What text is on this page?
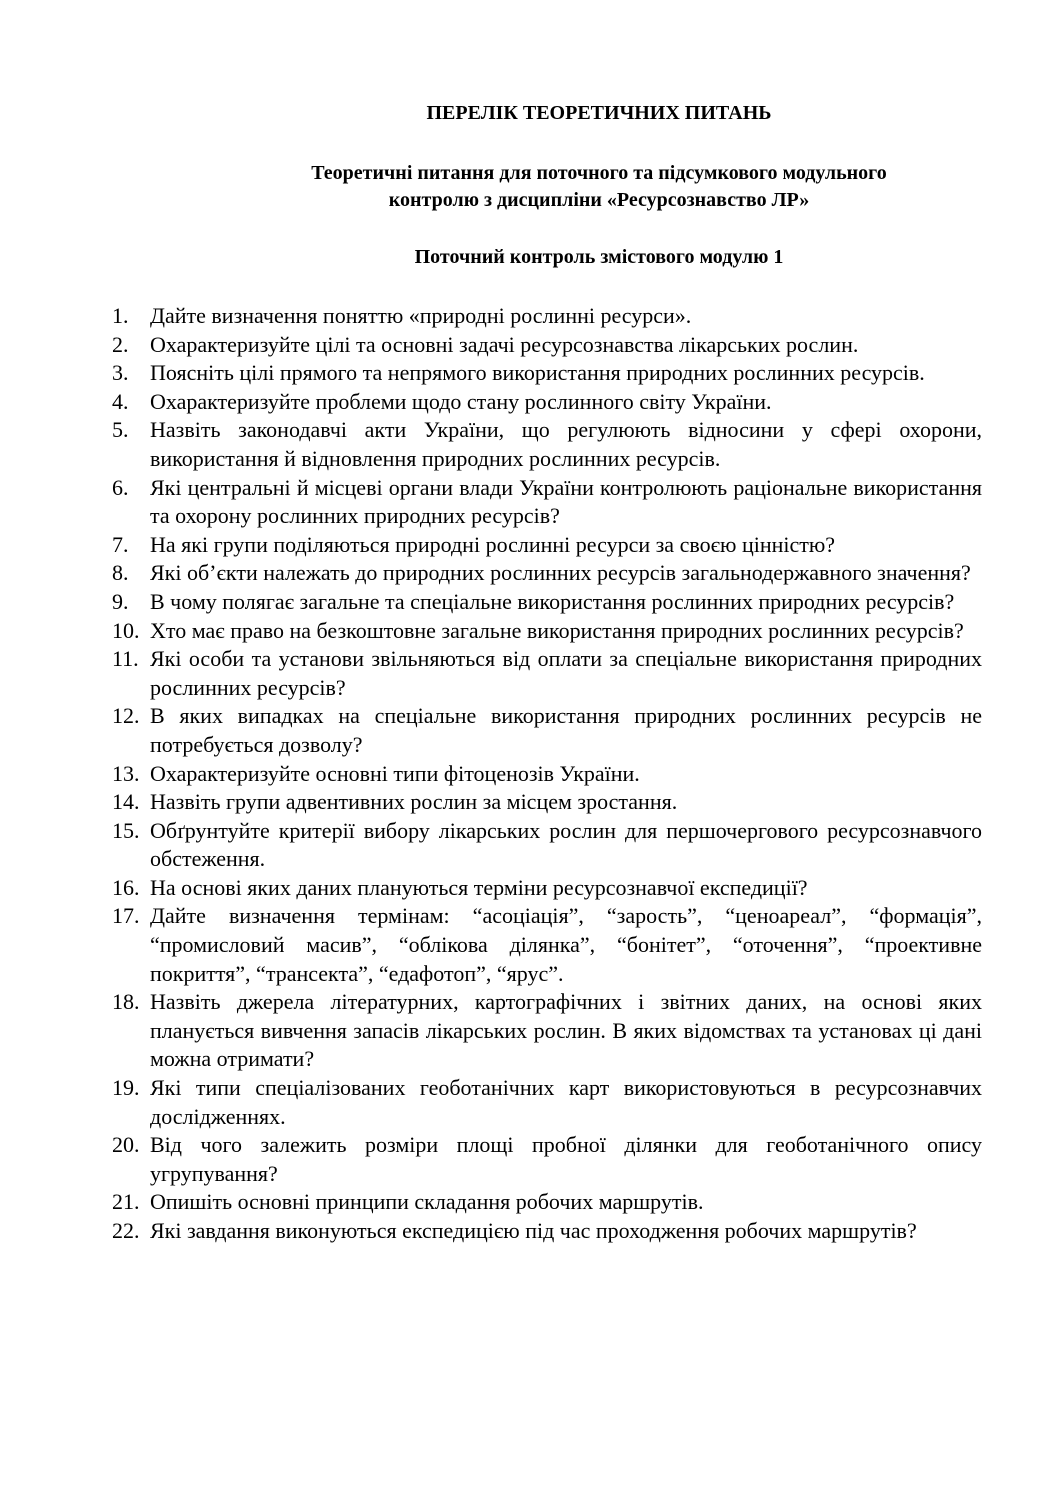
ПЕРЕЛІК ТЕОРЕТИЧНИХ ПИТАНЬ
Теоретичні питання для поточного та підсумкового модульного
контролю з дисципліни «Ресурсознавство ЛР»
Поточний контроль змістового модулю 1
1. Дайте визначення поняттю «природні рослинні ресурси».
2. Охарактеризуйте цілі та основні задачі ресурсознавства лікарських рослин.
3. Поясніть цілі прямого та непрямого використання природних рослинних ресурсів.
4. Охарактеризуйте проблеми щодо стану рослинного світу України.
5. Назвіть законодавчі акти України, що регулюють відносини у сфері охорони, використання й відновлення природних рослинних ресурсів.
6. Які центральні й місцеві органи влади України контролюють раціональне використання та охорону рослинних природних ресурсів?
7. На які групи поділяються природні рослинні ресурси за своєю цінністю?
8. Які об’єкти належать до природних рослинних ресурсів загальнодержавного значення?
9. В чому полягає загальне та спеціальне використання рослинних природних ресурсів?
10. Хто має право на безкоштовне загальне використання природних рослинних ресурсів?
11. Які особи та установи звільняються від оплати за спеціальне використання природних рослинних ресурсів?
12. В яких випадках на спеціальне використання природних рослинних ресурсів не потребується дозволу?
13. Охарактеризуйте основні типи фітоценозів України.
14. Назвіть групи адвентивних рослин за місцем зростання.
15. Обґрунтуйте критерії вибору лікарських рослин для першочергового ресурсознавчого обстеження.
16. На основі яких даних плануються терміни ресурсознавчої експедиції?
17. Дайте визначення термінам: “асоціація”, “зарость”, “ценоареал”, “формація”, “промисловий масив”, “облікова ділянка”, “бонітет”, “оточення”, “проективне покриття”, “трансекта”, “едафотоп”, “ярус”.
18. Назвіть джерела літературних, картографічних і звітних даних, на основі яких планується вивчення запасів лікарських рослин. В яких відомствах та установах ці дані можна отримати?
19. Які типи спеціалізованих геоботанічних карт використовуються в ресурсознавчих дослідженнях.
20. Від чого залежить розміри площі пробної ділянки для геоботанічного опису угрупування?
21. Опишіть основні принципи складання робочих маршрутів.
22. Які завдання виконуються експедицією під час проходження робочих маршрутів?
